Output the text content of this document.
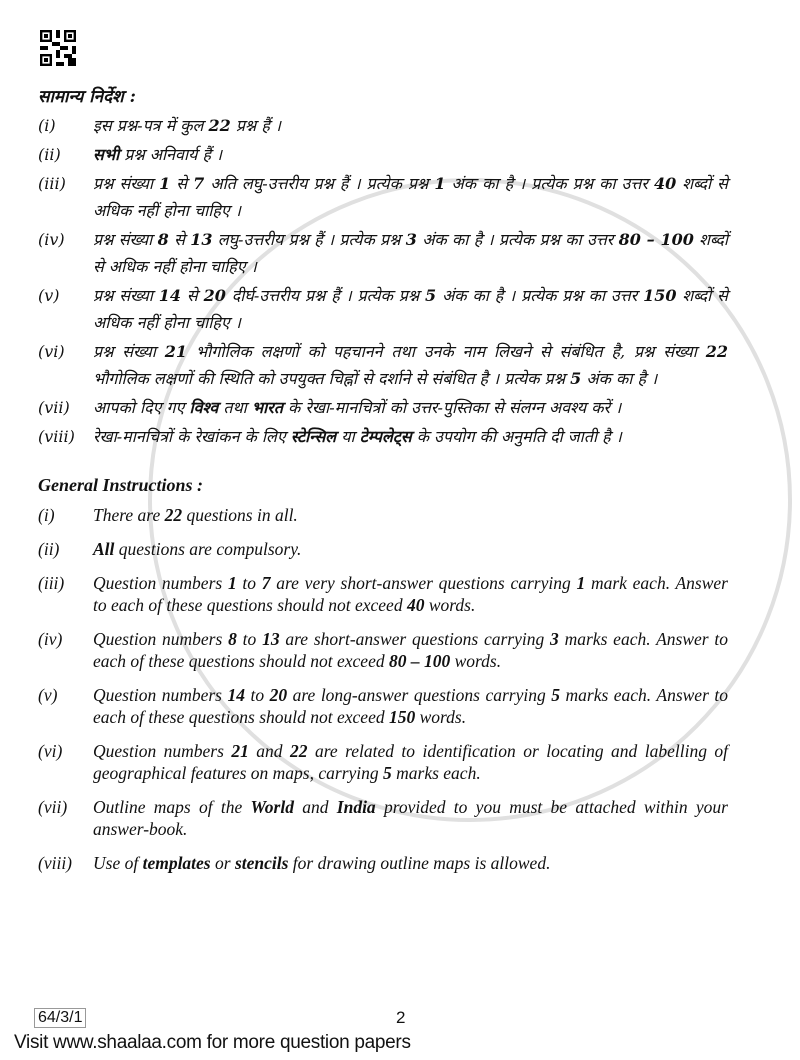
सामान्य निर्देश :
(i)	इस प्रश्न-पत्र में कुल 22 प्रश्न हैं ।
(ii)	सभी प्रश्न अनिवार्य हैं ।
(iii)	प्रश्न संख्या 1 से 7 अति लघु-उत्तरीय प्रश्न हैं । प्रत्येक प्रश्न 1 अंक का है । प्रत्येक प्रश्न का उत्तर 40 शब्दों से अधिक नहीं होना चाहिए ।
(iv)	प्रश्न संख्या 8 से 13 लघु-उत्तरीय प्रश्न हैं । प्रत्येक प्रश्न 3 अंक का है । प्रत्येक प्रश्न का उत्तर 80 – 100 शब्दों से अधिक नहीं होना चाहिए ।
(v)	प्रश्न संख्या 14 से 20 दीर्घ-उत्तरीय प्रश्न हैं । प्रत्येक प्रश्न 5 अंक का है । प्रत्येक प्रश्न का उत्तर 150 शब्दों से अधिक नहीं होना चाहिए ।
(vi)	प्रश्न संख्या 21 भौगोलिक लक्षणों को पहचानने तथा उनके नाम लिखने से संबंधित है, प्रश्न संख्या 22 भौगोलिक लक्षणों की स्थिति को उपयुक्त चिह्नों से दर्शाने से संबंधित है । प्रत्येक प्रश्न 5 अंक का है ।
(vii)	आपको दिए गए विश्व तथा भारत के रेखा-मानचित्रों को उत्तर-पुस्तिका से संलग्न अवश्य करें ।
(viii)	रेखा-मानचित्रों के रेखांकन के लिए स्टेन्सिल या टेम्पलेट्स के उपयोग की अनुमति दी जाती है ।
General Instructions :
(i)	There are 22 questions in all.
(ii)	All questions are compulsory.
(iii)	Question numbers 1 to 7 are very short-answer questions carrying 1 mark each. Answer to each of these questions should not exceed 40 words.
(iv)	Question numbers 8 to 13 are short-answer questions carrying 3 marks each. Answer to each of these questions should not exceed 80 – 100 words.
(v)	Question numbers 14 to 20 are long-answer questions carrying 5 marks each. Answer to each of these questions should not exceed 150 words.
(vi)	Question numbers 21 and 22 are related to identification or locating and labelling of geographical features on maps, carrying 5 marks each.
(vii)	Outline maps of the World and India provided to you must be attached within your answer-book.
(viii)	Use of templates or stencils for drawing outline maps is allowed.
64/3/1	2
Visit www.shaalaa.com for more question papers
